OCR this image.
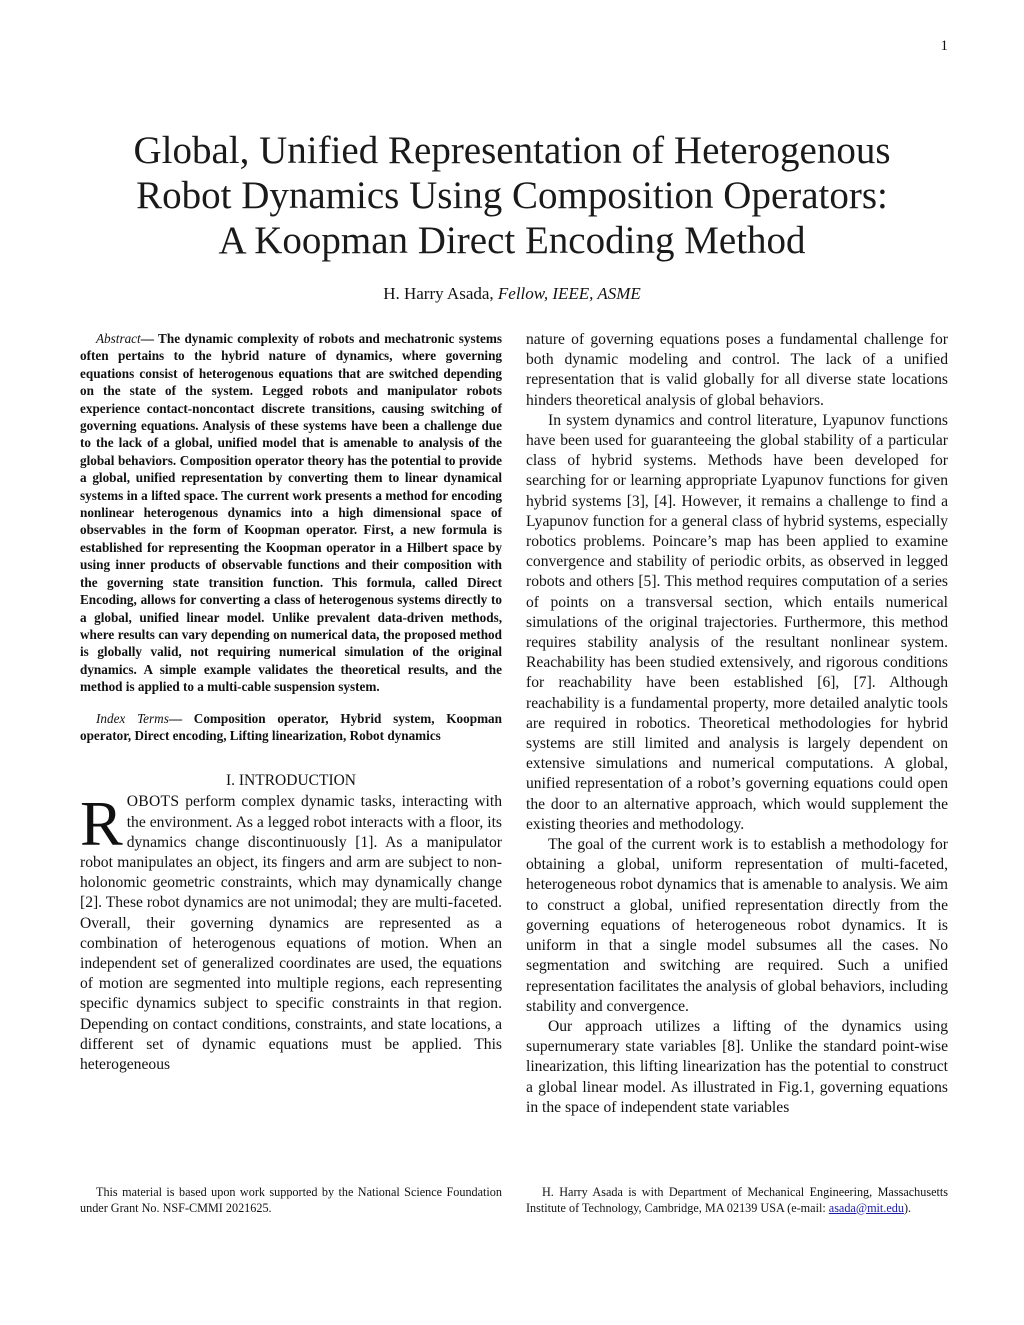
1
Global, Unified Representation of Heterogenous
Robot Dynamics Using Composition Operators:
A Koopman Direct Encoding Method
H. Harry Asada, Fellow, IEEE, ASME

Abstract— The dynamic complexity of robots and mechatronic systems often pertains to the hybrid nature of dynamics, where governing equations consist of heterogenous equations that are switched depending on the state of the system. Legged robots and manipulator robots experience contact-noncontact discrete transitions, causing switching of governing equations. Analysis of these systems have been a challenge due to the lack of a global, unified model that is amenable to analysis of the global behaviors. Composition operator theory has the potential to provide a global, unified representation by converting them to linear dynamical systems in a lifted space. The current work presents a method for encoding nonlinear heterogenous dynamics into a high dimensional space of observables in the form of Koopman operator. First, a new formula is established for representing the Koopman operator in a Hilbert space by using inner products of observable functions and their composition with the governing state transition function. This formula, called Direct Encoding, allows for converting a class of heterogenous systems directly to a global, unified linear model. Unlike prevalent data-driven methods, where results can vary depending on numerical data, the proposed method is globally valid, not requiring numerical simulation of the original dynamics. A simple example validates the theoretical results, and the method is applied to a multi-cable suspension system.

Index Terms— Composition operator, Hybrid system, Koopman operator, Direct encoding, Lifting linearization, Robot dynamics

I. INTRODUCTION

ROBOTS perform complex dynamic tasks, interacting with the environment. As a legged robot interacts with a floor, its dynamics change discontinuously [1]. As a manipulator robot manipulates an object, its fingers and arm are subject to non-holonomic geometric constraints, which may dynamically change [2]. These robot dynamics are not unimodal; they are multi-faceted. Overall, their governing dynamics are represented as a combination of heterogenous equations of motion. When an independent set of generalized coordinates are used, the equations of motion are segmented into multiple regions, each representing specific dynamics subject to specific constraints in that region. Depending on contact conditions, constraints, and state locations, a different set of dynamic equations must be applied. This heterogeneous

nature of governing equations poses a fundamental challenge for both dynamic modeling and control. The lack of a unified representation that is valid globally for all diverse state locations hinders theoretical analysis of global behaviors.

In system dynamics and control literature, Lyapunov functions have been used for guaranteeing the global stability of a particular class of hybrid systems. Methods have been developed for searching for or learning appropriate Lyapunov functions for given hybrid systems [3], [4]. However, it remains a challenge to find a Lyapunov function for a general class of hybrid systems, especially robotics problems. Poincare’s map has been applied to examine convergence and stability of periodic orbits, as observed in legged robots and others [5]. This method requires computation of a series of points on a transversal section, which entails numerical simulations of the original trajectories. Furthermore, this method requires stability analysis of the resultant nonlinear system. Reachability has been studied extensively, and rigorous conditions for reachability have been established [6], [7]. Although reachability is a fundamental property, more detailed analytic tools are required in robotics. Theoretical methodologies for hybrid systems are still limited and analysis is largely dependent on extensive simulations and numerical computations. A global, unified representation of a robot’s governing equations could open the door to an alternative approach, which would supplement the existing theories and methodology.

The goal of the current work is to establish a methodology for obtaining a global, uniform representation of multi-faceted, heterogeneous robot dynamics that is amenable to analysis. We aim to construct a global, unified representation directly from the governing equations of heterogeneous robot dynamics. It is uniform in that a single model subsumes all the cases. No segmentation and switching are required. Such a unified representation facilitates the analysis of global behaviors, including stability and convergence.

Our approach utilizes a lifting of the dynamics using supernumerary state variables [8]. Unlike the standard point-wise linearization, this lifting linearization has the potential to construct a global linear model. As illustrated in Fig.1, governing equations in the space of independent state variables

This material is based upon work supported by the National Science Foundation under Grant No. NSF-CMMI 2021625.
H. Harry Asada is with Department of Mechanical Engineering, Massachusetts Institute of Technology, Cambridge, MA 02139 USA (e-mail: asada@mit.edu).
